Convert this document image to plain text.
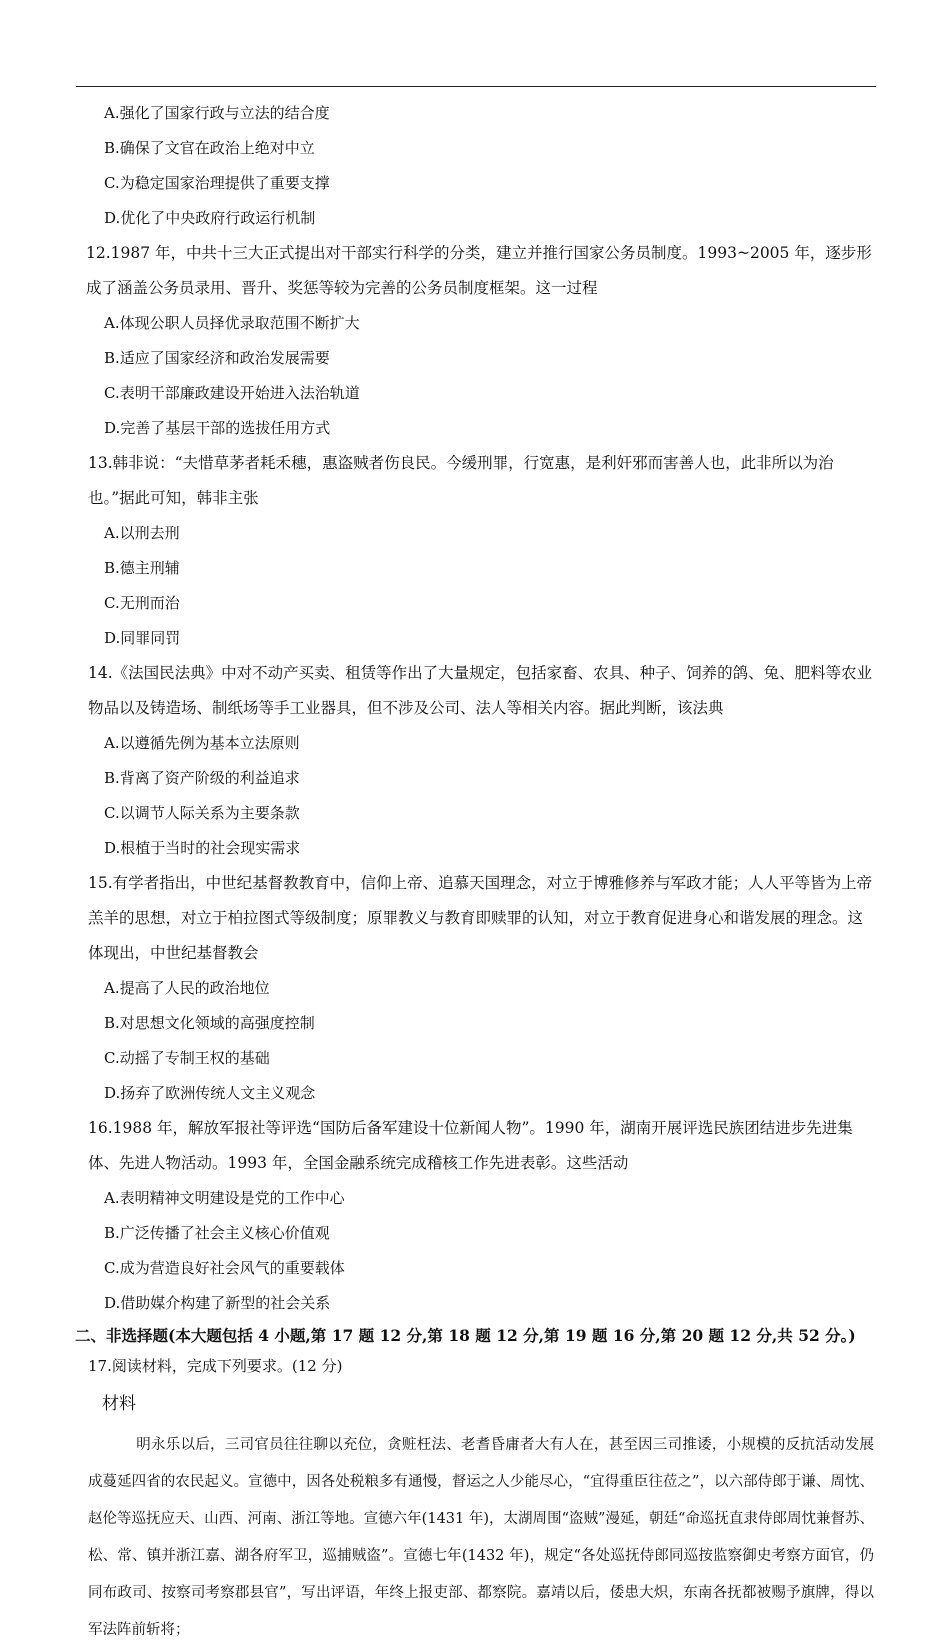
A.强化了国家行政与立法的结合度
B.确保了文官在政治上绝对中立
C.为稳定国家治理提供了重要支撑
D.优化了中央政府行政运行机制

12.1987 年，中共十三大正式提出对干部实行科学的分类，建立并推行国家公务员制度。1993~2005 年，逐步形成了涵盖公务员录用、晋升、奖惩等较为完善的公务员制度框架。这一过程

A.体现公职人员择优录取范围不断扩大
B.适应了国家经济和政治发展需要
C.表明干部廉政建设开始进入法治轨道
D.完善了基层干部的选拔任用方式

13.韩非说：“夫惜草茅者耗禾穗，惠盗贼者伤良民。今缓刑罪，行宽惠，是利奸邪而害善人也，此非所以为治也。”据此可知，韩非主张

A.以刑去刑
B.德主刑辅
C.无刑而治
D.同罪同罚

14.《法国民法典》中对不动产买卖、租赁等作出了大量规定，包括家畜、农具、种子、饲养的鸽、兔、肥料等农业物品以及铸造场、制纸场等手工业器具，但不涉及公司、法人等相关内容。据此判断，该法典

A.以遵循先例为基本立法原则
B.背离了资产阶级的利益追求
C.以调节人际关系为主要条款
D.根植于当时的社会现实需求

15.有学者指出，中世纪基督教教育中，信仰上帝、追慕天国理念，对立于博雅修养与军政才能；人人平等皆为上帝羔羊的思想，对立于柏拉图式等级制度；原罪教义与教育即赎罪的认知，对立于教育促进身心和谐发展的理念。这体现出，中世纪基督教会

A.提高了人民的政治地位
B.对思想文化领域的高强度控制
C.动摇了专制王权的基础
D.扬弃了欧洲传统人文主义观念

16.1988 年，解放军报社等评选“国防后备军建设十位新闻人物”。1990 年，湖南开展评选民族团结进步先进集体、先进人物活动。1993 年，全国金融系统完成稽核工作先进表彰。这些活动

A.表明精神文明建设是党的工作中心
B.广泛传播了社会主义核心价值观
C.成为营造良好社会风气的重要载体
D.借助媒介构建了新型的社会关系
二、非选择题(本大题包括 4 小题,第 17 题 12 分,第 18 题 12 分,第 19 题 16 分,第 20 题 12 分,共 52 分。)
17.阅读材料，完成下列要求。(12 分)
材料
明永乐以后，三司官员往往聊以充位，贪赃枉法、老耆昏庸者大有人在，甚至因三司推诿，小规模的反抗活动发展成蔓延四省的农民起义。宣德中，因各处税粮多有通慢，督运之人少能尽心，“宜得重臣往莅之”，以六部侍郎于谦、周忱、赵伦等巡抚应天、山西、河南、浙江等地。宣德六年(1431 年)，太湖周围“盗贼”漫延，朝廷“命巡抚直隶侍郎周忱兼督苏、松、常、镇并浙江嘉、湖各府军卫，巡捕贼盗”。宣德七年(1432 年)，规定“各处巡抚侍郎同巡按监察御史考察方面官，仍同布政司、按察司考察郡县官”，写出评语，年终上报吏部、都察院。嘉靖以后，倭患大炽，东南各抚都被赐予旗牌，得以军法阵前斩将；
